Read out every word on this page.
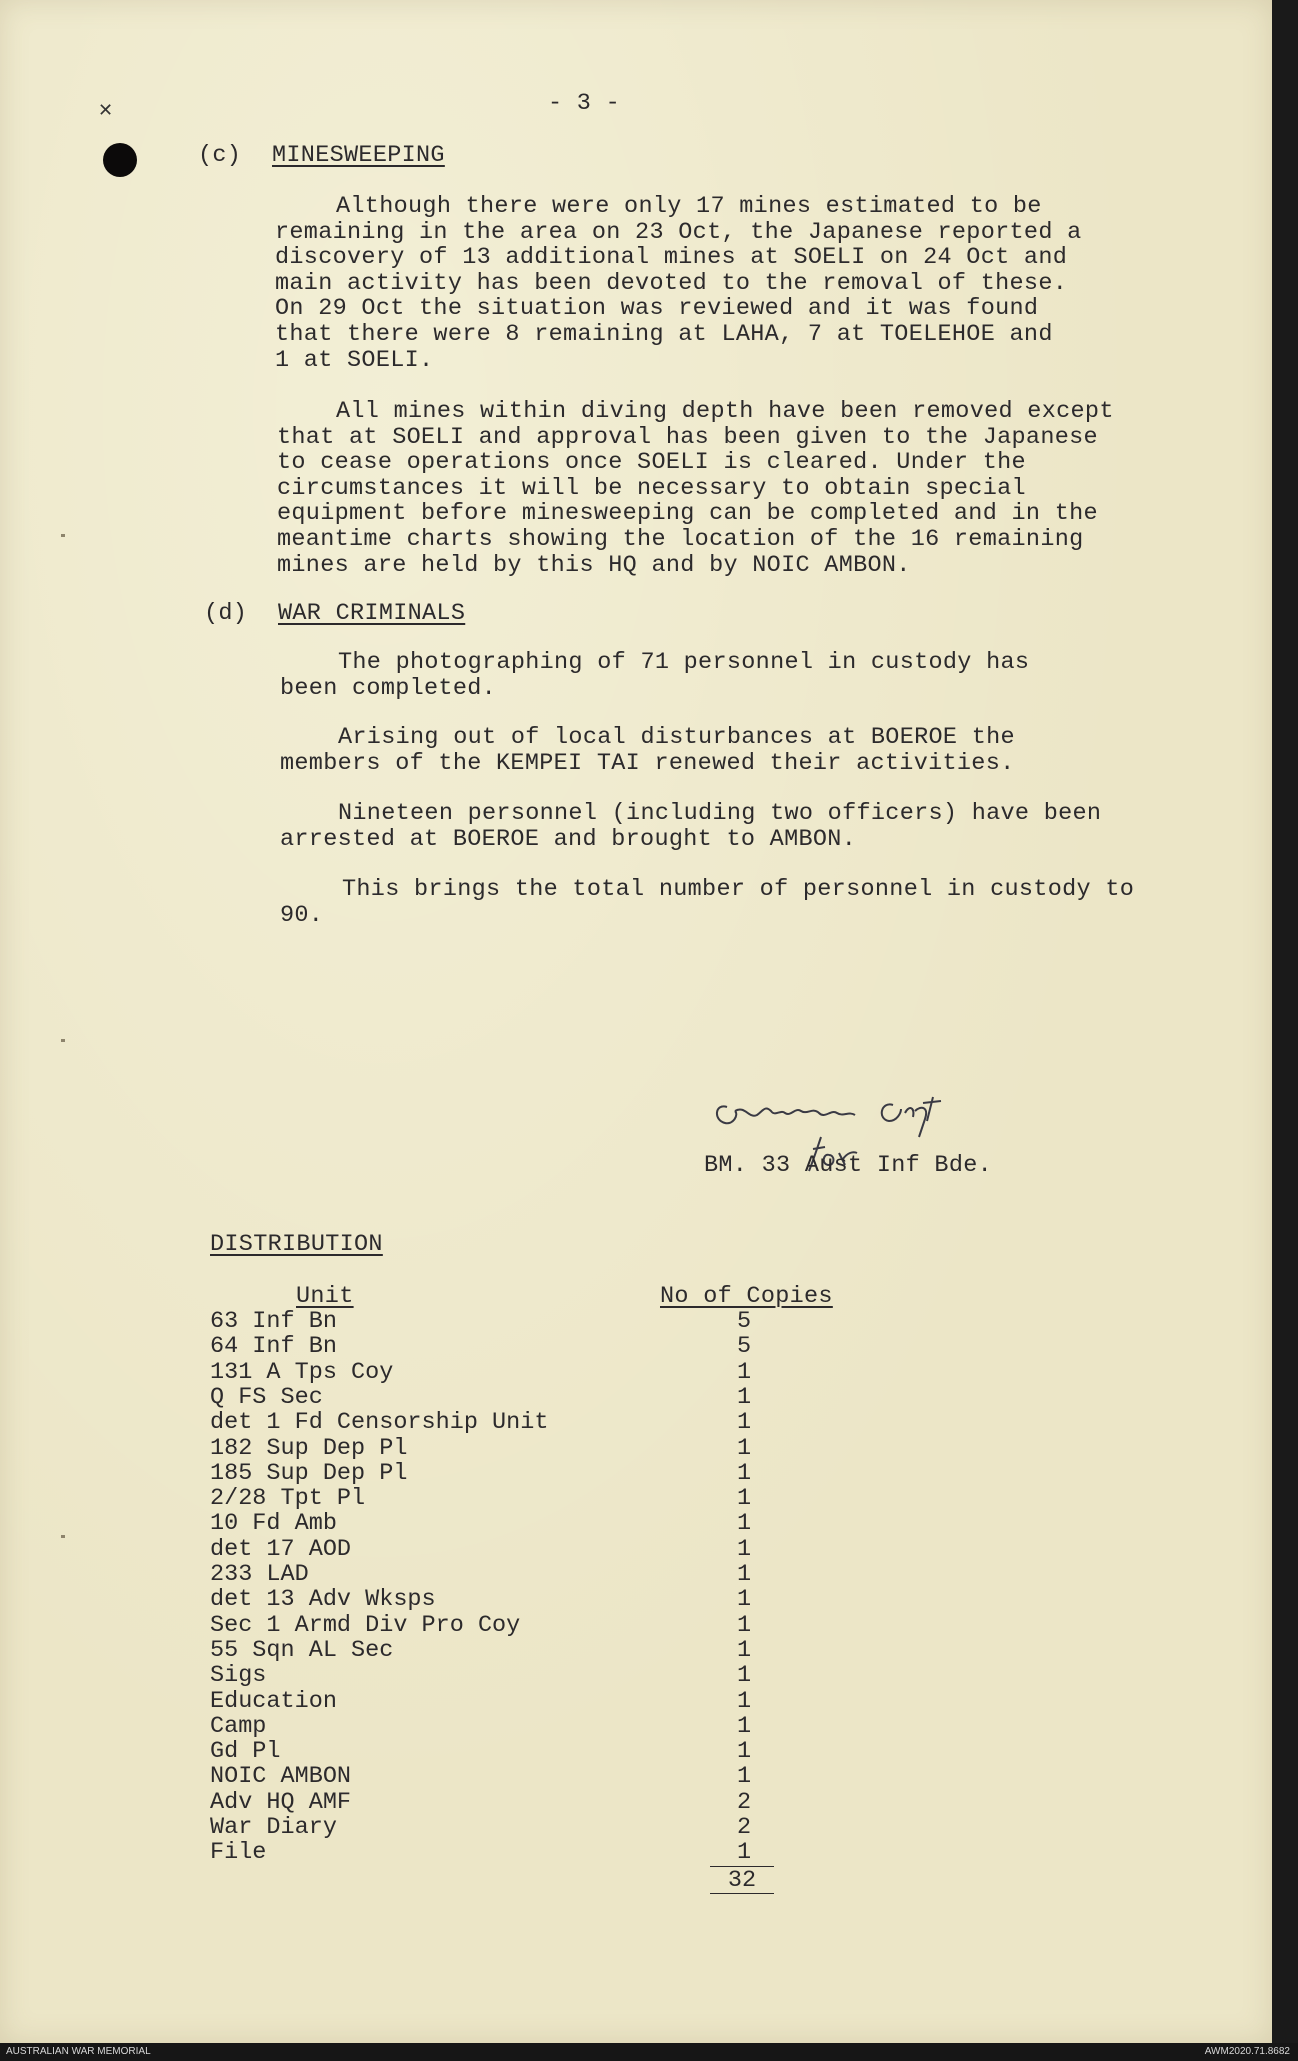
✕	- 3 -
(c) MINESWEEPING
Although there were only 17 mines estimated to be
remaining in the area on 23 Oct, the Japanese reported a
discovery of 13 additional mines at SOELI on 24 Oct and
main activity has been devoted to the removal of these.
On 29 Oct the situation was reviewed and it was found
that there were 8 remaining at LAHA, 7 at TOELEHOE and
1 at SOELI.
All mines within diving depth have been removed except
that at SOELI and approval has been given to the Japanese
to cease operations once SOELI is cleared. Under the
circumstances it will be necessary to obtain special
equipment before minesweeping can be completed and in the
meantime charts showing the location of the 16 remaining
mines are held by this HQ and by NOIC AMBON.
(d) WAR CRIMINALS
The photographing of 71 personnel in custody has
been completed.
Arising out of local disturbances at BOEROE the
members of the KEMPEI TAI renewed their activities.
Nineteen personnel (including two officers) have been
arrested at BOEROE and brought to AMBON.
This brings the total number of personnel in custody to
90.
BM. 33 Aust Inf Bde.
DISTRIBUTION
Unit	No of Copies
63 Inf Bn	5
64 Inf Bn	5
131 A Tps Coy	1
Q FS Sec	1
det 1 Fd Censorship Unit	1
182 Sup Dep Pl	1
185 Sup Dep Pl	1
2/28 Tpt Pl	1
10 Fd Amb	1
det 17 AOD	1
233 LAD	1
det 13 Adv Wksps	1
Sec 1 Armd Div Pro Coy	1
55 Sqn AL Sec	1
Sigs	1
Education	1
Camp	1
Gd Pl	1
NOIC AMBON	1
Adv HQ AMF	2
War Diary	2
File	1
32
AUSTRALIAN WAR MEMORIAL	AWM2020.71.8682
